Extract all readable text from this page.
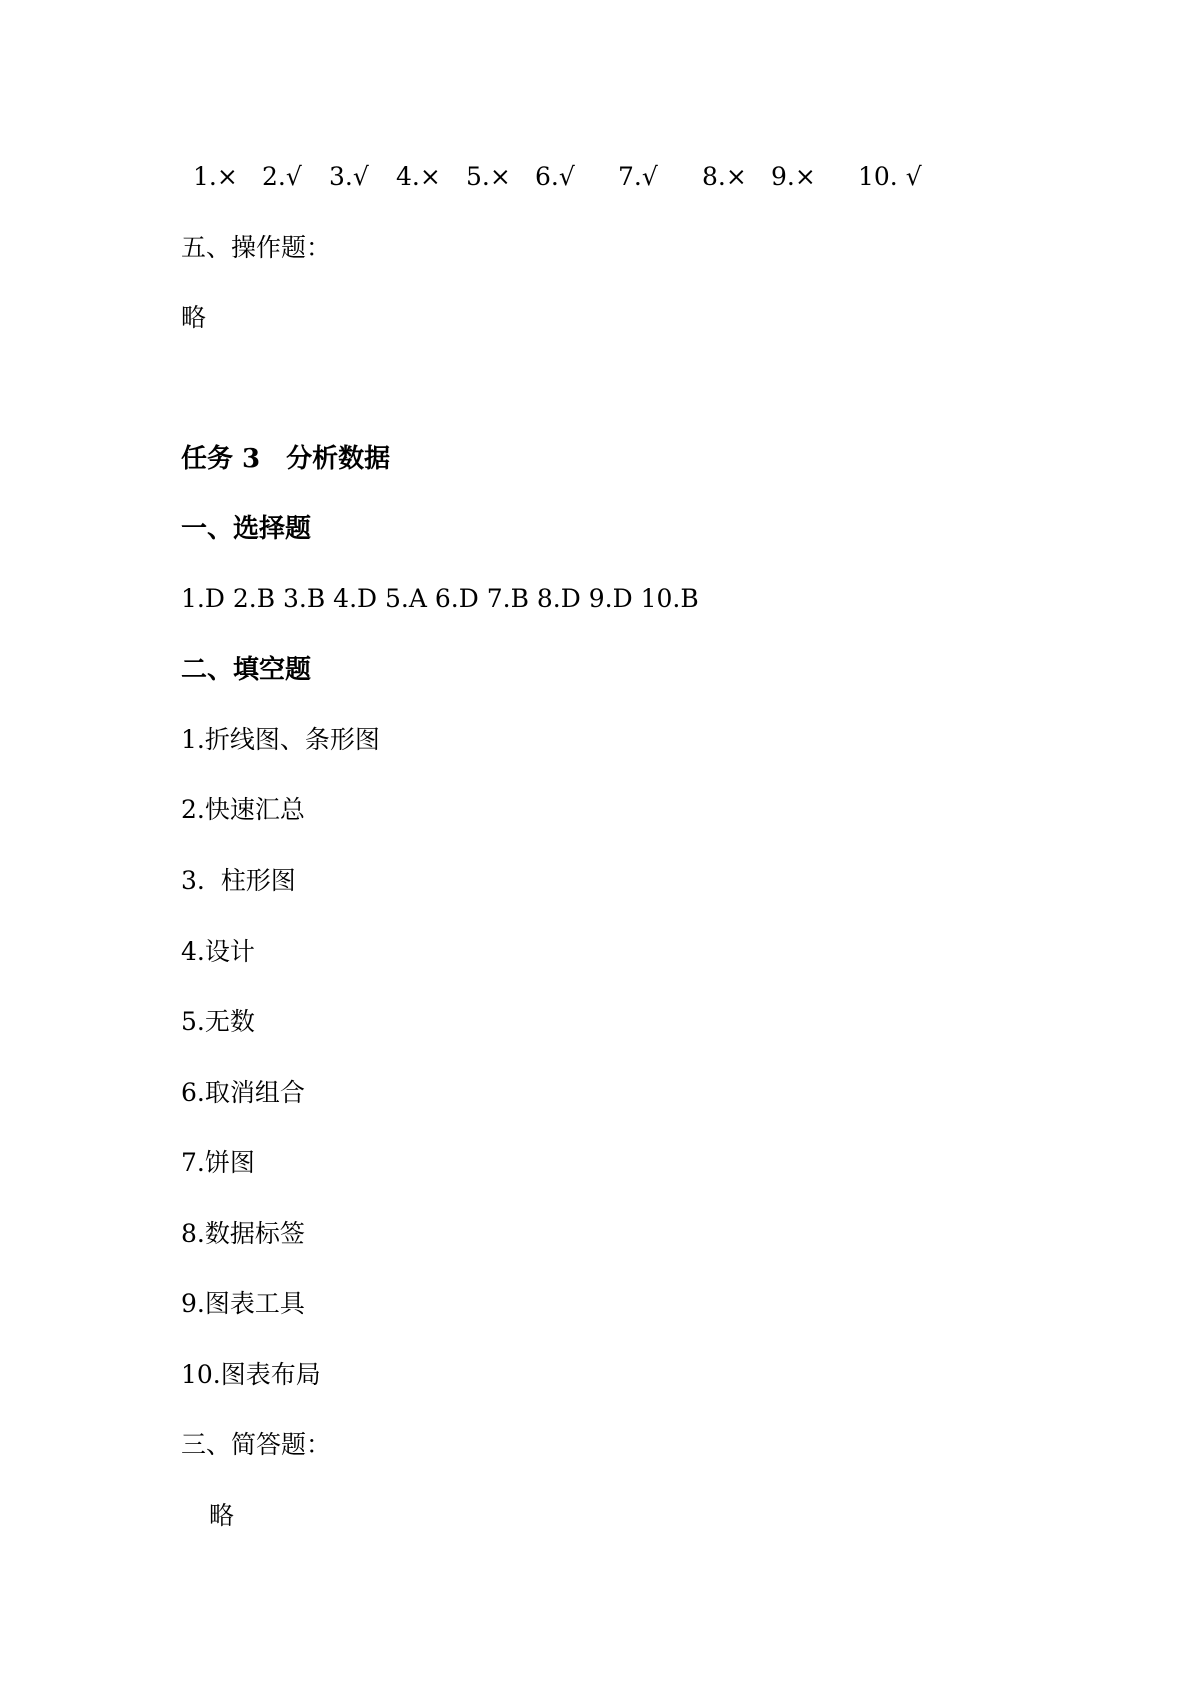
1.× 2.√ 3.√ 4.× 5.× 6.√ 7.√ 8.× 9.× 10. √
五、操作题：
略
任务 3　分析数据
一、选择题
1.D 2.B 3.B 4.D 5.A 6.D 7.B 8.D 9.D 10.B
二、填空题
1.折线图、条形图
2.快速汇总
3.  柱形图
4.设计
5.无数
6.取消组合
7.饼图
8.数据标签
9.图表工具
10.图表布局
三、简答题：
略
